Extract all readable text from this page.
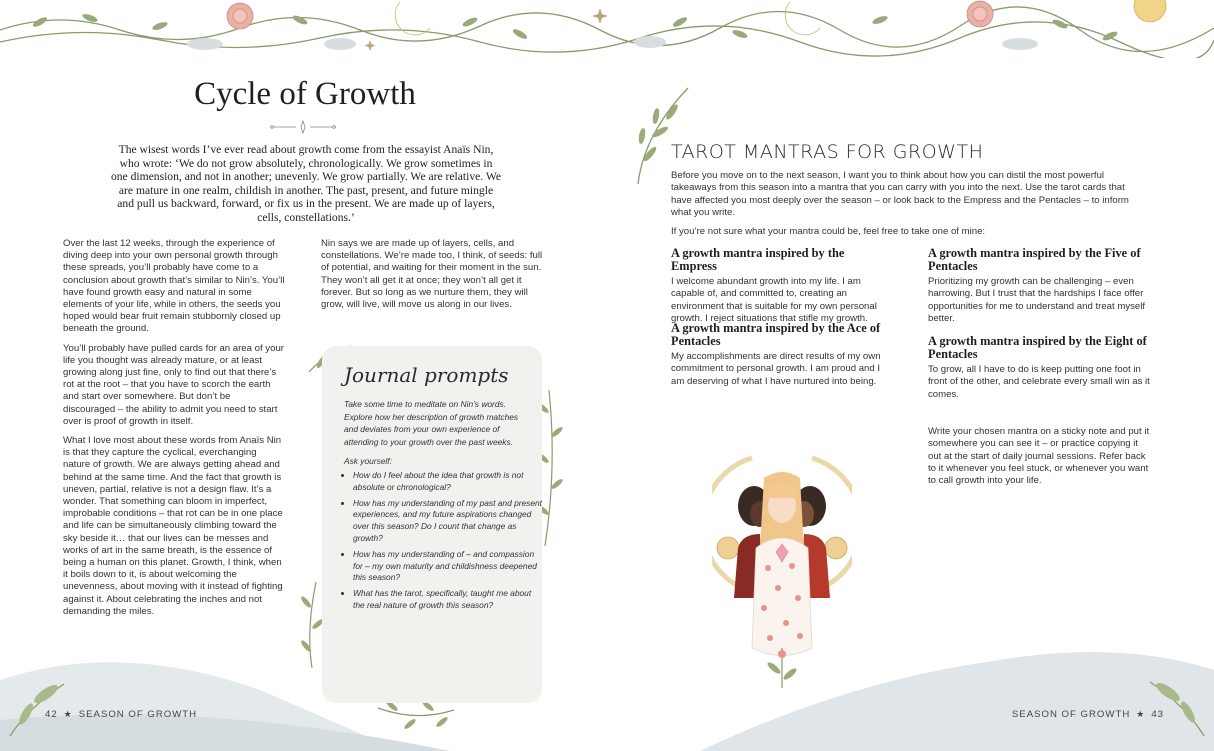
Cycle of Growth
The wisest words I’ve ever read about growth come from the essayist Anaïs Nin, who wrote: ‘We do not grow absolutely, chronologically. We grow sometimes in one dimension, and not in another; unevenly. We grow partially. We are relative. We are mature in one realm, childish in another. The past, present, and future mingle and pull us backward, forward, or fix us in the present. We are made up of layers, cells, constellations.’

Over the last 12 weeks, through the experience of diving deep into your own personal growth through these spreads, you’ll probably have come to a conclusion about growth that’s similar to Nin’s. You’ll have found growth easy and natural in some elements of your life, while in others, the seeds you hoped would bear fruit remain stubbornly closed up beneath the ground.

You’ll probably have pulled cards for an area of your life you thought was already mature, or at least growing along just fine, only to find out that there’s rot at the root – that you have to scorch the earth and start over somewhere. But don’t be discouraged – the ability to admit you need to start over is proof of growth in itself.

What I love most about these words from Anaïs Nin is that they capture the cyclical, everchanging nature of growth. We are always getting ahead and behind at the same time. And the fact that growth is uneven, partial, relative is not a design flaw. It’s a wonder. That something can bloom in imperfect, improbable conditions – that rot can be in one place and life can be simultaneously climbing toward the sky beside it… that our lives can be messes and works of art in the same breath, is the essence of being a human on this planet. Growth, I think, when it boils down to it, is about welcoming the unevenness, about moving with it instead of fighting against it. About celebrating the inches and not demanding the miles.

Nin says we are made up of layers, cells, and constellations. We’re made too, I think, of seeds: full of potential, and waiting for their moment in the sun. They won’t all get it at once; they won’t all get it forever. But so long as we nurture them, they will grow, will live, will move us along in our lives.

Journal prompts
Take some time to meditate on Nin’s words. Explore how her description of growth matches and deviates from your own experience of attending to your growth over the past weeks.
Ask yourself:
• How do I feel about the idea that growth is not absolute or chronological?
• How has my understanding of my past and present experiences, and my future aspirations changed over this season? Do I count that change as growth?
• How has my understanding of – and compassion for – my own maturity and childishness deepened this season?
• What has the tarot, specifically, taught me about the real nature of growth this season?
42 ★ SEASON OF GROWTH
TAROT MANTRAS FOR GROWTH
Before you move on to the next season, I want you to think about how you can distil the most powerful takeaways from this season into a mantra that you can carry with you into the next. Use the tarot cards that have affected you most deeply over the season – or look back to the Empress and the Pentacles – to inform what you write.
If you’re not sure what your mantra could be, feel free to take one of mine:
A growth mantra inspired by the Empress

I welcome abundant growth into my life. I am capable of, and committed to, creating an environment that is suitable for my own personal growth. I reject situations that stifle my growth.

A growth mantra inspired by the Ace of Pentacles

My accomplishments are direct results of my own commitment to personal growth. I am proud and I am deserving of what I have nurtured into being.

A growth mantra inspired by the Five of Pentacles

Prioritizing my growth can be challenging – even harrowing. But I trust that the hardships I face offer opportunities for me to understand and treat myself better.

A growth mantra inspired by the Eight of Pentacles

To grow, all I have to do is keep putting one foot in front of the other, and celebrate every small win as it comes.

Write your chosen mantra on a sticky note and put it somewhere you can see it – or practice copying it out at the start of daily journal sessions. Refer back to it whenever you feel stuck, or whenever you want to call growth into your life.
SEASON OF GROWTH ★ 43
